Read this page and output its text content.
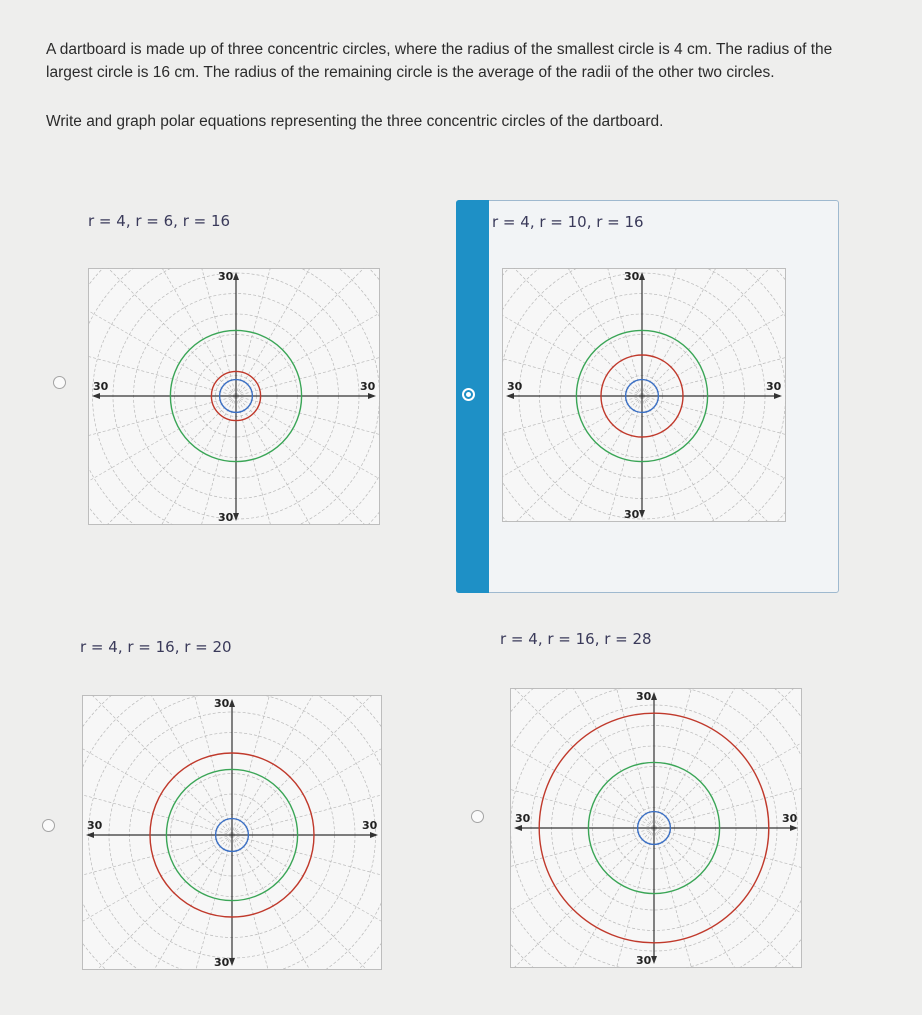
A dartboard is made up of three concentric circles, where the radius of the smallest circle is 4 cm. The radius of the largest circle is 16 cm. The radius of the remaining circle is the average of the radii of the other two circles.

Write and graph polar equations representing the three concentric circles of the dartboard.

r = 4, r = 6, r = 16
30
30
30	30
r = 4, r = 10, r = 16
30
30
30	30
r = 4, r = 16, r = 20
30
30
30	30
r = 4, r = 16, r = 28
30
30
30	30
